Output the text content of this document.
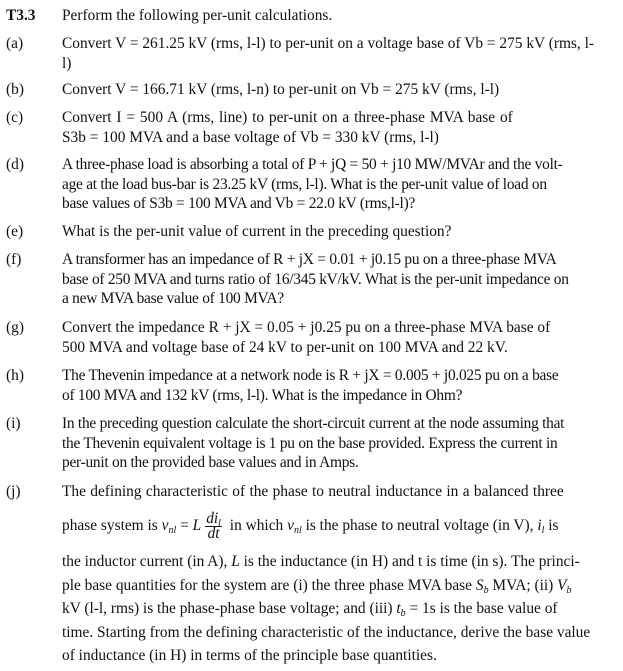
T3.3 Perform the following per-unit calculations.
(a)	Convert V = 261.25 kV (rms, l-l) to per-unit on a voltage base of Vb = 275 kV (rms, l-
l)
(b) Convert V = 166.71 kV (rms, l-n) to per-unit on Vb = 275 kV (rms, l-l)
(c)	Convert I = 500 A (rms, line) to per-unit on a three-phase MVA base of
S3b = 100 MVA and a base voltage of Vb = 330 kV (rms, l-l)
(d) A three-phase load is absorbing a total of P + jQ = 50 + j10 MW/MVAr and the volt-
age at the load bus-bar is 23.25 kV (rms, l-l). What is the per-unit value of load on
base values of S3b = 100 MVA and Vb = 22.0 kV (rms,l-l)?
(e)	What is the per-unit value of current in the preceding question?
(f)	A transformer has an impedance of R + jX = 0.01 + j0.15 pu on a three-phase MVA
base of 250 MVA and turns ratio of 16/345 kV/kV. What is the per-unit impedance on
a new MVA base value of 100 MVA?
(g) Convert the impedance R + jX = 0.05 + j0.25 pu on a three-phase MVA base of
500 MVA and voltage base of 24 kV to per-unit on 100 MVA and 22 kV.
(h) The Thevenin impedance at a network node is R + jX = 0.005 + j0.025 pu on a base
of 100 MVA and 132 kV (rms, l-l). What is the impedance in Ohm?
(i)	In the preceding question calculate the short-circuit current at the node assuming that
the Thevenin equivalent voltage is 1 pu on the base provided. Express the current in
per-unit on the provided base values and in Amps.
(j)	The defining characteristic of the phase to neutral inductance in a balanced three
phase system is $v_{nl} = L \frac{di_l}{dt}$ in which $v_{nl}$ is the phase to neutral voltage (in V), $i_l$ is
the inductor current (in A), L is the inductance (in H) and t is time (in s). The princi-
ple base quantities for the system are (i) the three phase MVA base $S_b$ MVA; (ii) $V_b$
kV (l-l, rms) is the phase-phase base voltage; and (iii) $t_b = 1s$ is the base value of
time. Starting from the defining characteristic of the inductance, derive the base value
of inductance (in H) in terms of the principle base quantities.
